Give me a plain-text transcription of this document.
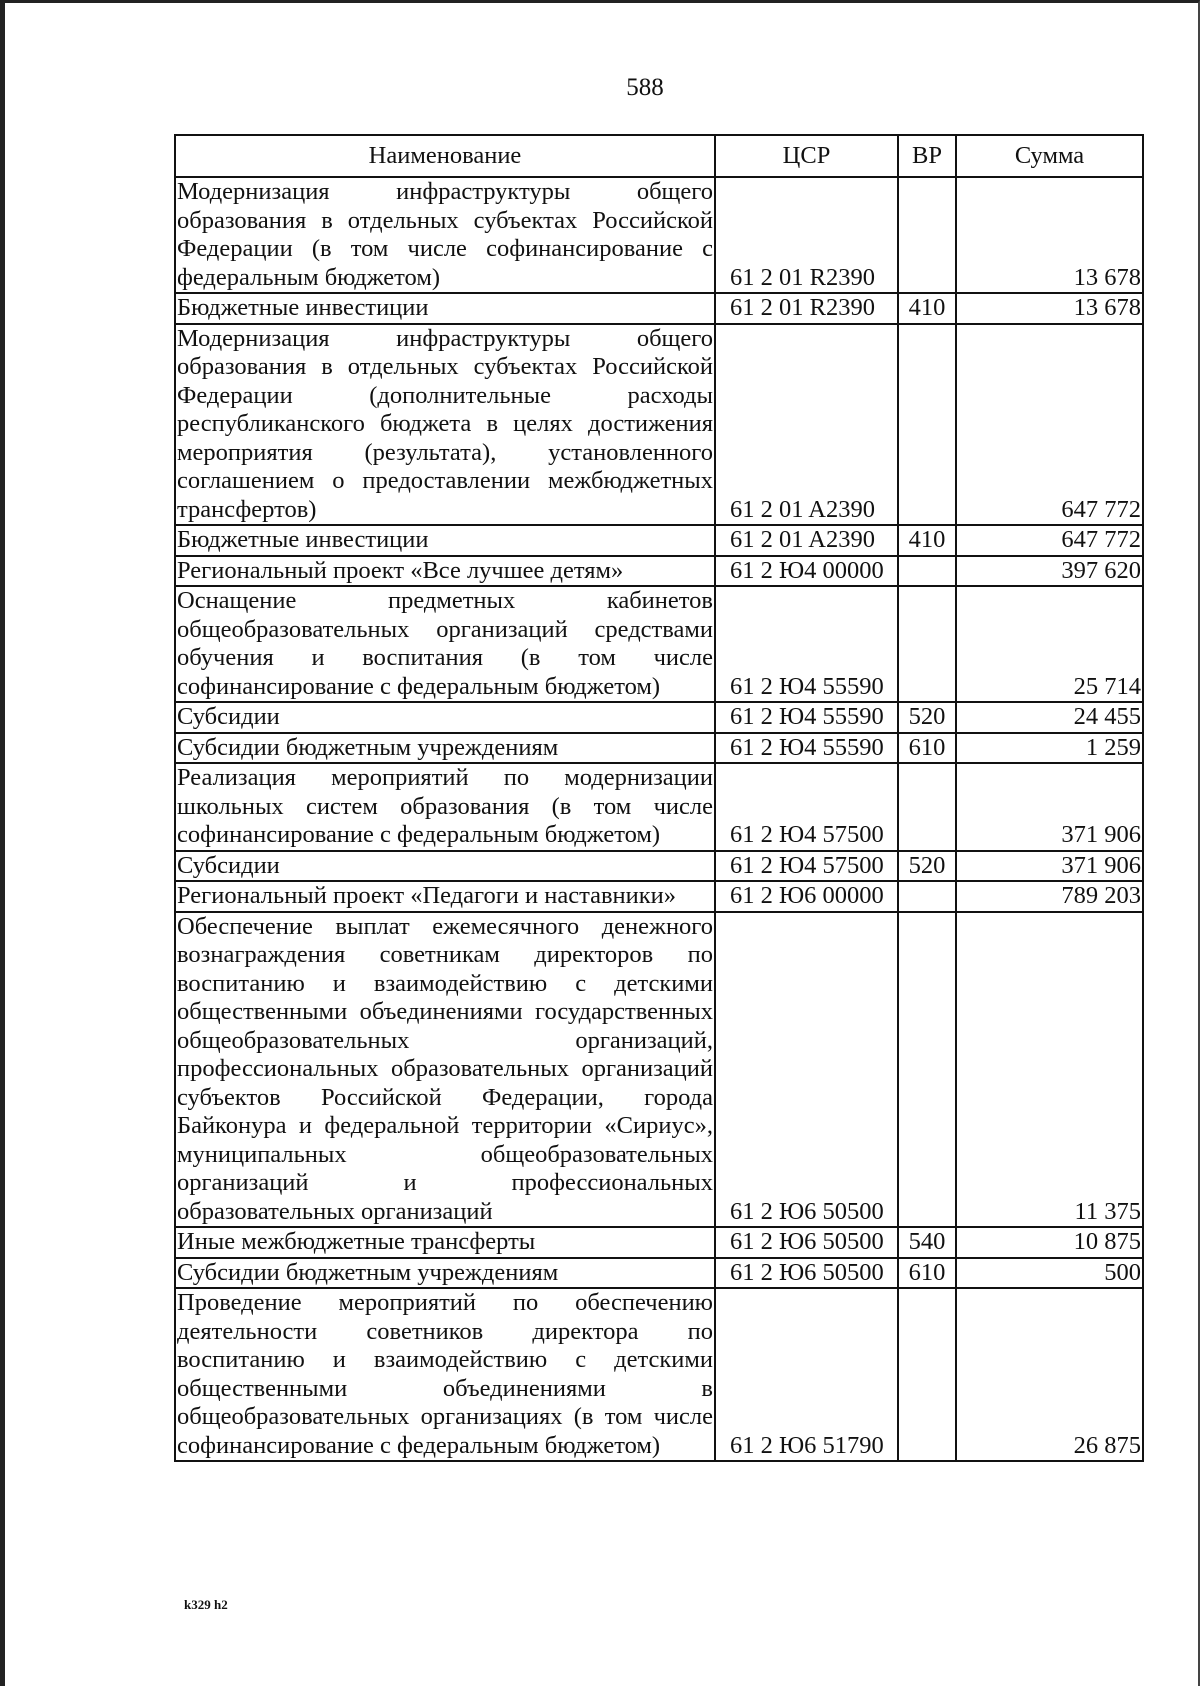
588
Наименование	ЦСР	ВР	Сумма
Модернизация инфраструктуры общего образования в отдельных субъектах Российской Федерации (в том числе софинансирование с федеральным бюджетом)	61 2 01 R2390		13 678
Бюджетные инвестиции	61 2 01 R2390	410	13 678
Модернизация инфраструктуры общего образования в отдельных субъектах Российской Федерации (дополнительные расходы республиканского бюджета в целях достижения мероприятия (результата), установленного соглашением о предоставлении межбюджетных трансфертов)	61 2 01 A2390		647 772
Бюджетные инвестиции	61 2 01 A2390	410	647 772
Региональный проект «Все лучшее детям»	61 2 Ю4 00000		397 620
Оснащение предметных кабинетов общеобразовательных организаций средствами обучения и воспитания (в том числе софинансирование с федеральным бюджетом)	61 2 Ю4 55590		25 714
Субсидии	61 2 Ю4 55590	520	24 455
Субсидии бюджетным учреждениям	61 2 Ю4 55590	610	1 259
Реализация мероприятий по модернизации школьных систем образования (в том числе софинансирование с федеральным бюджетом)	61 2 Ю4 57500		371 906
Субсидии	61 2 Ю4 57500	520	371 906
Региональный проект «Педагоги и наставники»	61 2 Ю6 00000		789 203
Обеспечение выплат ежемесячного денежного вознаграждения советникам директоров по воспитанию и взаимодействию с детскими общественными объединениями государственных общеобразовательных организаций, профессиональных образовательных организаций субъектов Российской Федерации, города Байконура и федеральной территории «Сириус», муниципальных общеобразовательных организаций и профессиональных образовательных организаций	61 2 Ю6 50500		11 375
Иные межбюджетные трансферты	61 2 Ю6 50500	540	10 875
Субсидии бюджетным учреждениям	61 2 Ю6 50500	610	500
Проведение мероприятий по обеспечению деятельности советников директора по воспитанию и взаимодействию с детскими общественными объединениями в общеобразовательных организациях (в том числе софинансирование с федеральным бюджетом)	61 2 Ю6 51790		26 875
k329 h2
